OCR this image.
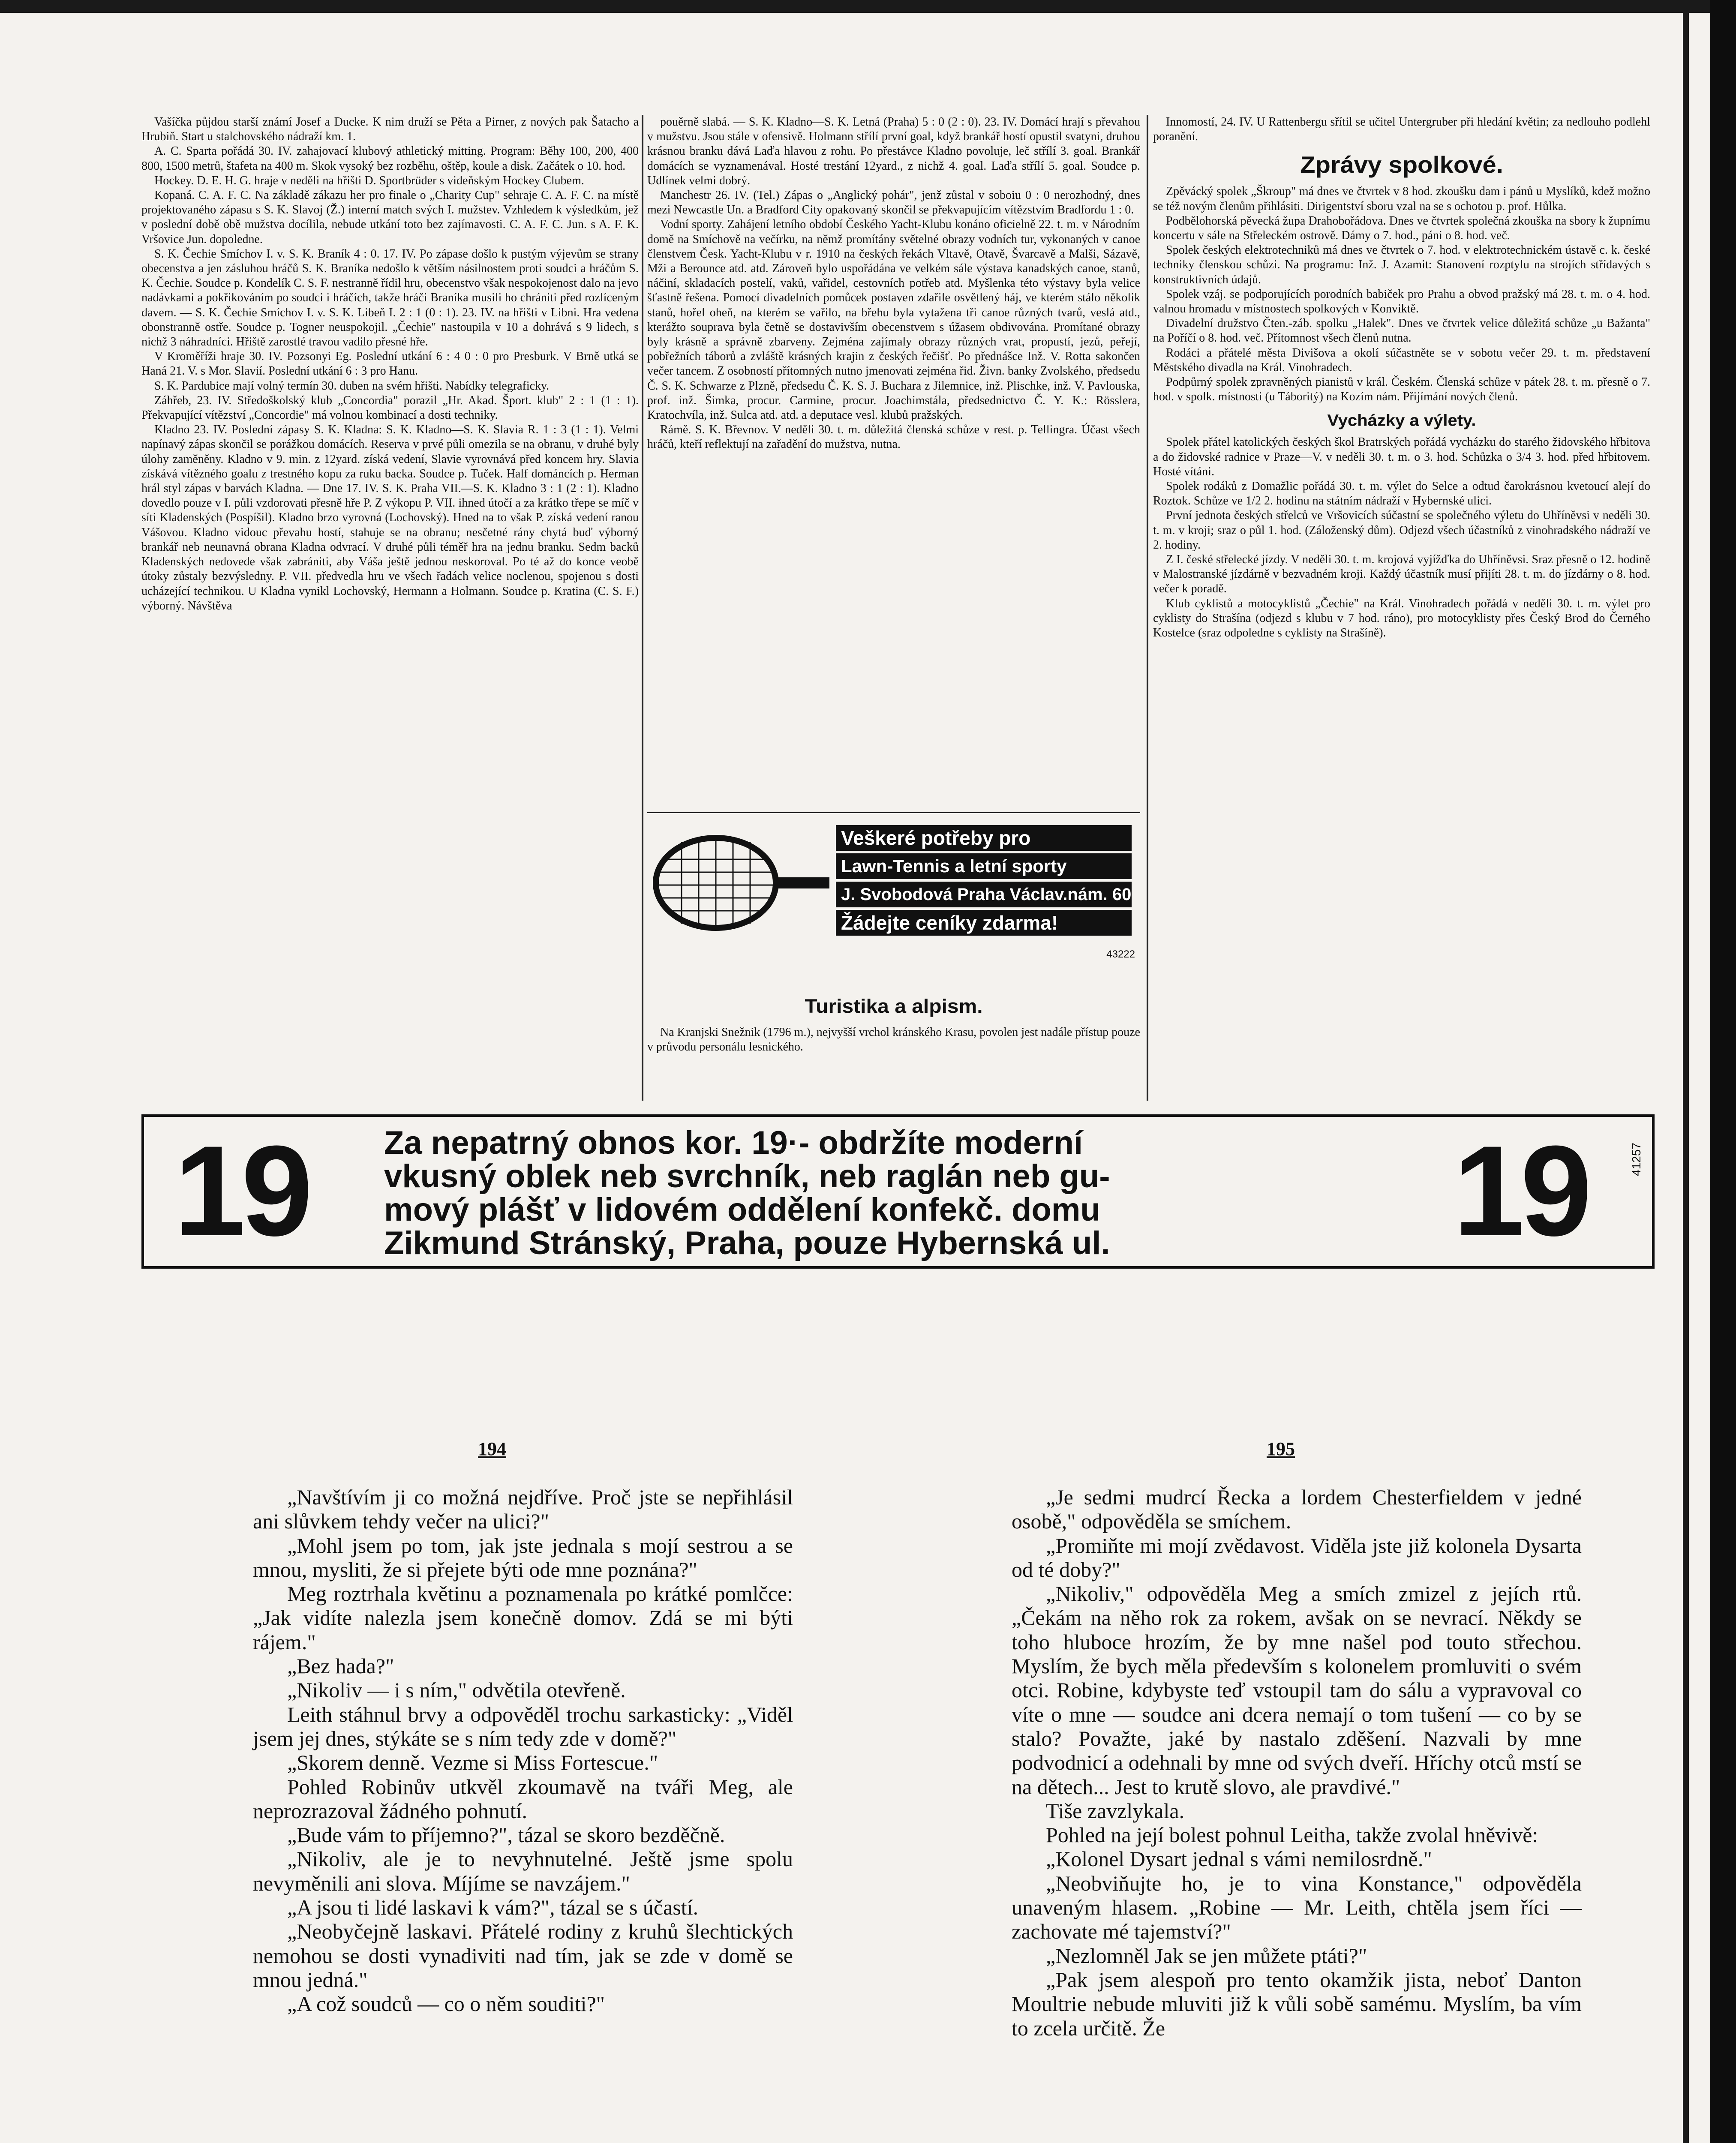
Vašíčka půjdou starší známí Josef a Ducke. K nim druží se Pěta a Pirner, z nových pak Šatacho a Hrubiň. Start u stalchovského nádraží km. 1.

A. C. Sparta pořádá 30. IV. zahajovací klubový athletický mitting. Program: Běhy 100, 200, 400 800, 1500 metrů, štafeta na 400 m. Skok vysoký bez rozběhu, oštěp, koule a disk. Začátek o 10. hod.

Hockey. D. E. H. G. hraje v neděli na hřišti D. Sportbrüder s videňským Hockey Clubem.

Kopaná. C. A. F. C. Na základě zákazu her pro finale o „Charity Cup" sehraje C. A. F. C. na místě projektovaného zápasu s S. K. Slavoj (Ž.) interní match svých I. mužstev. Vzhledem k výsledkům, jež v poslední době obě mužstva docílila, nebude utkání toto bez zajímavosti. C. A. F. C. Jun. s A. F. K. Vršovice Jun. dopoledne.

S. K. Čechie Smíchov I. v. S. K. Braník 4 : 0. 17. IV. Po zápase došlo k pustým výjevům se strany obecenstva a jen zásluhou hráčů S. K. Braníka nedošlo k větším násilnostem proti soudci a hráčům S. K. Čechie. Soudce p. Kondelík C. S. F. nestranně řídil hru, obecenstvo však nespokojenost dalo na jevo nadávkami a pokřikováním po soudci i hráčích, takže hráči Braníka musili ho chrániti před rozlíceným davem. — S. K. Čechie Smíchov I. v. S. K. Libeň I. 2 : 1 (0 : 1). 23. IV. na hřišti v Libni. Hra vedena obonstranně ostře. Soudce p. Togner neuspokojil. „Čechie" nastoupila v 10 a dohrává s 9 lidech, s nichž 3 náhradníci. Hřiště zarostlé travou vadilo přesné hře.

V Kroměříži hraje 30. IV. Pozsonyi Eg. Poslední utkání 6 : 4 0 : 0 pro Presburk. V Brně utká se Haná 21. V. s Mor. Slavií. Poslední utkání 6 : 3 pro Hanu.

S. K. Pardubice mají volný termín 30. duben na svém hřišti. Nabídky telegraficky.

Záhřeb, 23. IV. Středoškolský klub „Concordia" porazil „Hr. Akad. Šport. klub" 2 : 1 (1 : 1). Překvapující vítězství „Concordie" má volnou kombinací a dosti techniky.

Kladno 23. IV. Poslední zápasy S. K. Kladna: S. K. Kladno—S. K. Slavia R. 1 : 3 (1 : 1). Velmi napínavý zápas skončil se porážkou domácích. Reserva v prvé půli omezila se na obranu, v druhé byly úlohy zaměněny. Kladno v 9. min. z 12yard. získá vedení, Slavie vyrovnává před koncem hry. Slavia získává vítězného goalu z trestného kopu za ruku backa. Soudce p. Tuček. Half dománcích p. Herman hrál styl zápas v barvách Kladna. — Dne 17. IV. S. K. Praha VII.—S. K. Kladno 3 : 1 (2 : 1). Kladno dovedlo pouze v I. půli vzdorovati přesně hře P. Z výkopu P. VII. ihned útočí a za krátko třepe se míč v síti Kladenských (Pospíšil). Kladno brzo vyrovná (Lochovský). Hned na to však P. získá vedení ranou Vášovou. Kladno vidouc převahu hostí, stahuje se na obranu; nesčetné rány chytá buď výborný brankář neb neunavná obrana Kladna odvrací. V druhé půli téměř hra na jednu branku. Sedm backů Kladenských nedovede však zabrániti, aby Váša ještě jednou neskoroval. Po té až do konce veobě útoky zůstaly bezvýsledny. P. VII. předvedla hru ve všech řadách velice noclenou, spojenou s dosti ucházející technikou. U Kladna vynikl Lochovský, Hermann a Holmann. Soudce p. Kratina (C. S. F.) výborný. Návštěva

pouěrně slabá. — S. K. Kladno—S. K. Letná (Praha) 5 : 0 (2 : 0). 23. IV. Domácí hrají s převahou v mužstvu. Jsou stále v ofensivě. Holmann střílí první goal, když brankář hostí opustil svatyni, druhou krásnou branku dává Laďa hlavou z rohu. Po přestávce Kladno povoluje, leč střílí 3. goal. Brankář domácích se vyznamenával. Hosté trestání 12yard., z nichž 4. goal. Laďa střílí 5. goal. Soudce p. Udlínek velmi dobrý.

Manchestr 26. IV. (Tel.) Zápas o „Anglický pohár", jenž zůstal v soboiu 0 : 0 nerozhodný, dnes mezi Newcastle Un. a Bradford City opakovaný skončil se překvapujícím vítězstvím Bradfordu 1 : 0.

Vodní sporty. Zahájení letního období Českého Yacht-Klubu konáno oficielně 22. t. m. v Národním domě na Smíchově na večírku, na němž promítány světelné obrazy vodních tur, vykonaných v canoe členstvem Česk. Yacht-Klubu v r. 1910 na českých řekách Vltavě, Otavě, Švarcavě a Malši, Sázavě, Mži a Berounce atd. atd. Zároveň bylo uspořádána ve velkém sále výstava kanadských canoe, stanů, náčiní, skladacích postelí, vaků, vařidel, cestovních potřeb atd. Myšlenka této výstavy byla velice šťastně řešena. Pomocí divadelních pomůcek postaven zdařile osvětlený háj, ve kterém stálo několik stanů, hořel oheň, na kterém se vařilo, na břehu byla vytažena tři canoe různých tvarů, veslá atd., kterážto souprava byla četně se dostavivším obecenstvem s úžasem obdivována. Promítané obrazy byly krásně a správně zbarveny. Zejména zajímaly obrazy různých vrat, propustí, jezů, peřejí, pobřežních táborů a zvláště krásných krajin z českých řečišť. Po přednášce Inž. V. Rotta sakončen večer tancem. Z osobností přítomných nutno jmenovati zejména řid. Živn. banky Zvolského, předsedu Č. S. K. Schwarze z Plzně, předsedu Č. K. S. J. Buchara z Jilemnice, inž. Plischke, inž. V. Pavlouska, prof. inž. Šimka, procur. Carmine, procur. Joachimstála, předsednictvo Č. Y. K.: Rösslera, Kratochvíla, inž. Sulca atd. atd. a deputace vesl. klubů pražských.

Rámě. S. K. Břevnov. V neděli 30. t. m. důležitá členská schůze v rest. p. Tellingra. Účast všech hráčů, kteří reflektují na zařadění do mužstva, nutna.

Veškeré potřeby pro
Lawn-Tennis a letní sporty
J. Svobodová Praha Václav.nám. 60
Žádejte ceníky zdarma!
43222
Turistika a alpism.

Na Kranjski Snežnik (1796 m.), nejvyšší vrchol kránského Krasu, povolen jest nadále přístup pouze v průvodu personálu lesnického.

Innomostí, 24. IV. U Rattenbergu sřítil se učitel Untergruber při hledání květin; za nedlouho podlehl poranění.

Zprávy spolkové.

Zpěvácký spolek „Škroup" má dnes ve čtvrtek v 8 hod. zkoušku dam i pánů u Myslíků, kdež možno se též novým členům přihlásiti. Dirigentství sboru vzal na se s ochotou p. prof. Hůlka.

Podbělohorská pěvecká župa Drahobořádova. Dnes ve čtvrtek společná zkouška na sbory k župnímu koncertu v sále na Střeleckém ostrově. Dámy o 7. hod., páni o 8. hod. več.

Spolek českých elektrotechniků má dnes ve čtvrtek o 7. hod. v elektrotechnickém ústavě c. k. české techniky členskou schůzi. Na programu: Inž. J. Azamit: Stanovení rozptylu na strojích střídavých s konstruktivních údajů.

Spolek vzáj. se podporujících porodních babiček pro Prahu a obvod pražský má 28. t. m. o 4. hod. valnou hromadu v místnostech spolkových v Konviktě.

Divadelní družstvo Čten.-záb. spolku „Halek". Dnes ve čtvrtek velice důležitá schůze „u Bažanta" na Poříčí o 8. hod. več. Přítomnost všech členů nutna.

Rodáci a přátelé města Divišova a okolí súčastněte se v sobotu večer 29. t. m. představení Městského divadla na Král. Vinohradech.

Podpůrný spolek zpravněných pianistů v král. Českém. Členská schůze v pátek 28. t. m. přesně o 7. hod. v spolk. místnosti (u Táboritý) na Kozím nám. Přijímání nových členů.

Vycházky a výlety.

Spolek přátel katolických českých škol Bratrských pořádá vycházku do starého židovského hřbitova a do židovské radnice v Praze—V. v neděli 30. t. m. o 3. hod. Schůzka o 3/4 3. hod. před hřbitovem. Hosté vítáni.

Spolek rodáků z Domažlic pořádá 30. t. m. výlet do Selce a odtud čarokrásnou kvetoucí alejí do Roztok. Schůze ve 1/2 2. hodinu na státním nádraží v Hybernské ulici.

První jednota českých střelců ve Vršovicích súčastní se společného výletu do Uhříněvsi v neděli 30. t. m. v kroji; sraz o půl 1. hod. (Záloženský dům). Odjezd všech účastníků z vinohradského nádraží ve 2. hodiny.

Z I. české střelecké jízdy. V neděli 30. t. m. krojová vyjížďka do Uhříněvsi. Sraz přesně o 12. hodině v Malostranské jízdárně v bezvadném kroji. Každý účastník musí přijíti 28. t. m. do jízdárny o 8. hod. večer k poradě.

Klub cyklistů a motocyklistů „Čechie" na Král. Vinohradech pořádá v neděli 30. t. m. výlet pro cyklisty do Strašína (odjezd s klubu v 7 hod. ráno), pro motocyklisty přes Český Brod do Černého Kostelce (sraz odpoledne s cyklisty na Strašíně).

19 Za nepatrný obnos kor. 19·- obdržíte moderní
vkusný oblek neb svrchník, neb raglán neb gu-
mový plášť v lidovém oddělení konfekč. domu
Zikmund Stránský, Praha, pouze Hybernská ul.	19	41257
194	195

„Navštívím ji co možná nejdříve. Proč jste se nepřihlásil ani slůvkem tehdy večer na ulici?"

„Mohl jsem po tom, jak jste jednala s mojí sestrou a se mnou, mysliti, že si přejete býti ode mne poznána?"

Meg roztrhala květinu a poznamenala po krátké pomlčce: „Jak vidíte nalezla jsem konečně domov. Zdá se mi býti rájem."

„Bez hada?"

„Nikoliv — i s ním," odvětila otevřeně.

Leith stáhnul brvy a odpověděl trochu sarkasticky: „Viděl jsem jej dnes, stýkáte se s ním tedy zde v domě?"

„Skorem denně. Vezme si Miss Fortescue."

Pohled Robinův utkvěl zkoumavě na tváři Meg, ale neprozrazoval žádného pohnutí.

„Bude vám to příjemno?", tázal se skoro bezděčně.

„Nikoliv, ale je to nevyhnutelné. Ještě jsme spolu nevyměnili ani slova. Míjíme se navzájem."

„A jsou ti lidé laskavi k vám?", tázal se s účastí.

„Neobyčejně laskavi. Přátelé rodiny z kruhů šlechtických nemohou se dosti vynadiviti nad tím, jak se zde v domě se mnou jedná."

„A což soudců — co o něm souditi?"

„Je sedmi mudrcí Řecka a lordem Chesterfieldem v jedné osobě," odpověděla se smíchem.

„Promiňte mi mojí zvědavost. Viděla jste již kolonela Dysarta od té doby?"

„Nikoliv," odpověděla Meg a smích zmizel z jejích rtů. „Čekám na něho rok za rokem, avšak on se nevrací. Někdy se toho hluboce hrozím, že by mne našel pod touto střechou. Myslím, že bych měla především s kolonelem promluviti o svém otci. Robine, kdybyste teď vstoupil tam do sálu a vypravoval co víte o mne — soudce ani dcera nemají o tom tušení — co by se stalo? Považte, jaké by nastalo zděšení. Nazvali by mne podvodnicí a odehnali by mne od svých dveří. Hříchy otců mstí se na dětech... Jest to krutě slovo, ale pravdivé."

Tiše zavzlykala.

Pohled na její bolest pohnul Leitha, takže zvolal hněvivě:

„Kolonel Dysart jednal s vámi nemilosrdně."

„Neobviňujte ho, je to vina Konstance," odpověděla unaveným hlasem. „Robine — Mr. Leith, chtěla jsem říci — zachovate mé tajemství?"

„Nezlomněl Jak se jen můžete ptáti?"

„Pak jsem alespoň pro tento okamžik jista, neboť Danton Moultrie nebude mluviti již k vůli sobě samému. Myslím, ba vím to zcela určitě. Že
